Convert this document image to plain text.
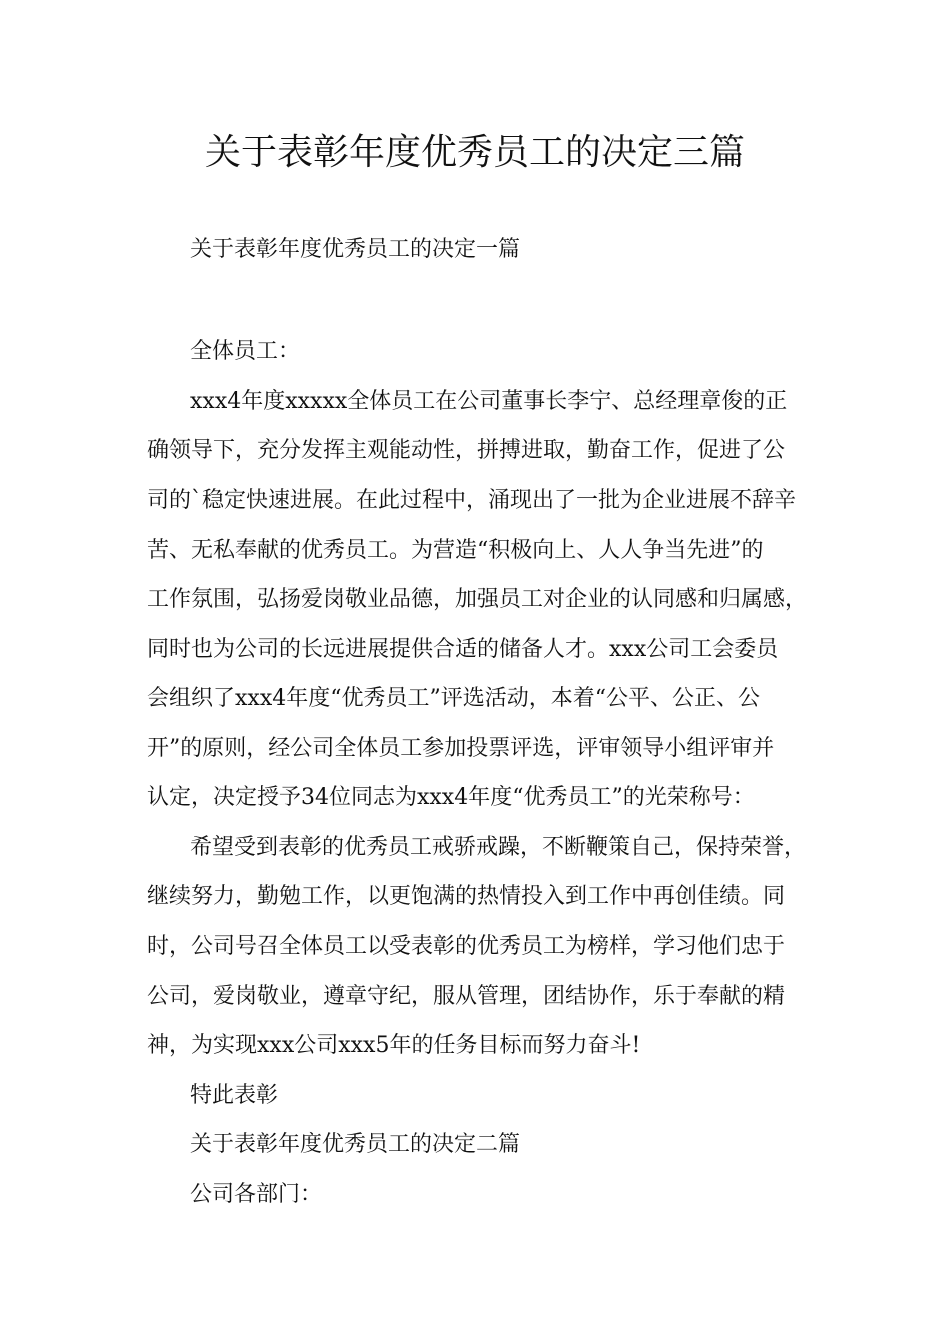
关于表彰年度优秀员工的决定三篇

关于表彰年度优秀员工的决定一篇

全体员工：

xxx4年度xxxxx全体员工在公司董事长李宁、总经理章俊的正

确领导下，充分发挥主观能动性，拼搏进取，勤奋工作，促进了公

司的`稳定快速进展。在此过程中，涌现出了一批为企业进展不辞辛

苦、无私奉献的优秀员工。为营造“积极向上、人人争当先进”的

工作氛围，弘扬爱岗敬业品德，加强员工对企业的认同感和归属感，

同时也为公司的长远进展提供合适的储备人才。xxx公司工会委员

会组织了xxx4年度“优秀员工”评选活动，本着“公平、公正、公

开”的原则，经公司全体员工参加投票评选，评审领导小组评审并

认定，决定授予34位同志为xxx4年度“优秀员工”的光荣称号：

希望受到表彰的优秀员工戒骄戒躁，不断鞭策自己，保持荣誉，

继续努力，勤勉工作，以更饱满的热情投入到工作中再创佳绩。同

时，公司号召全体员工以受表彰的优秀员工为榜样，学习他们忠于

公司，爱岗敬业，遵章守纪，服从管理，团结协作，乐于奉献的精

神，为实现xxx公司xxx5年的任务目标而努力奋斗!

特此表彰

关于表彰年度优秀员工的决定二篇

公司各部门：
